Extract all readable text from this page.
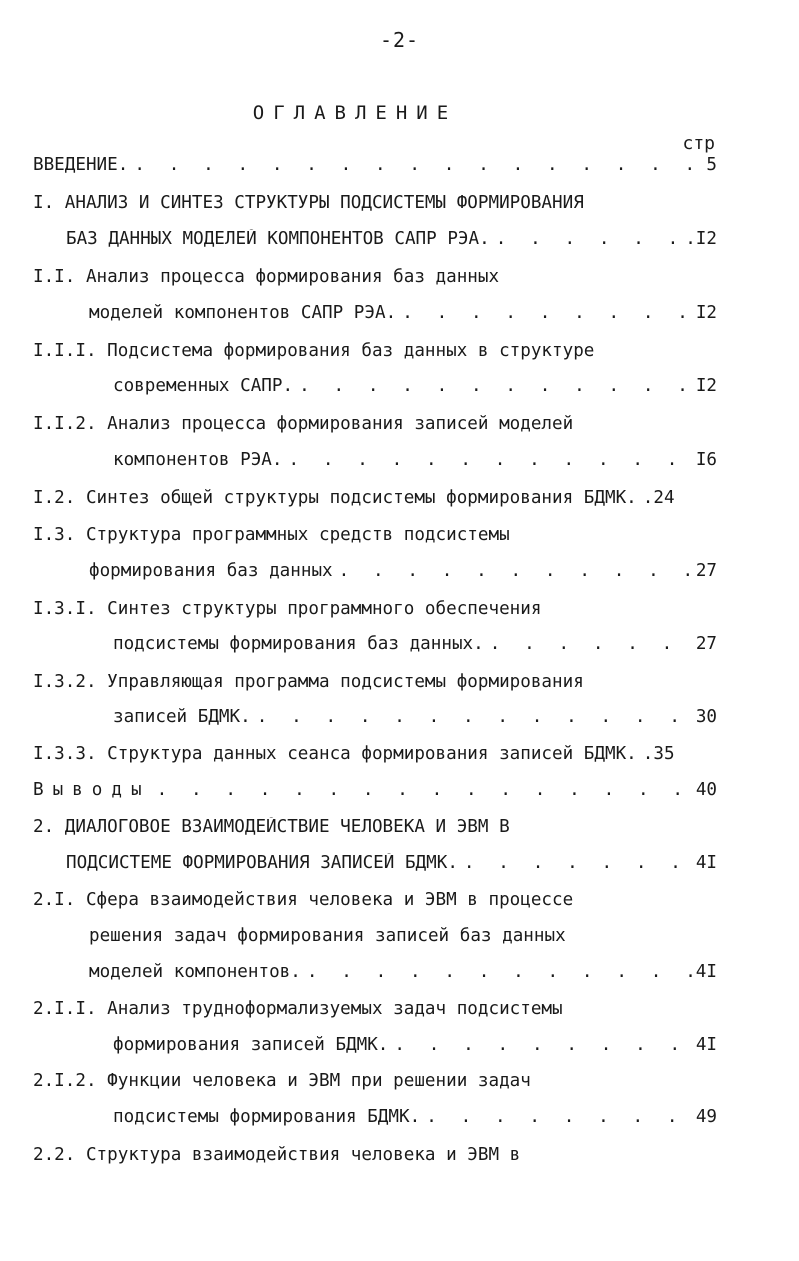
-2-
ОГЛАВЛЕНИЕ
стр
ВВЕДЕНИЕ. . . .	5
I. АНАЛИЗ И СИНТЕЗ СТРУКТУРЫ ПОДСИСТЕМЫ ФОРМИРОВАНИЯ
БАЗ ДАННЫХ МОДЕЛЕЙ КОМПОНЕНТОВ САПР РЭА. . . .	.I2
I.I. Анализ процесса формирования баз данных
моделей компонентов САПР РЭА. . . .	I2
I.I.I. Подсистема формирования баз данных в структуре
современных САПР. . . .	I2
I.I.2. Анализ процесса формирования записей моделей
компонентов РЭА. . . .	I6
I.2. Синтез общей структуры подсистемы формирования БДМК. .24
I.3. Структура программных средств подсистемы
формирования баз данных . . .	27
I.3.I. Синтез структуры программного обеспечения
подсистемы формирования баз данных. . . .	27
I.3.2. Управляющая программа подсистемы формирования
записей БДМК. . . .	30
I.3.3. Структура данных сеанса формирования записей БДМК. .35
Выводы . . .	40
2. ДИАЛОГОВОЕ ВЗАИМОДЕЙСТВИЕ ЧЕЛОВЕКА И ЭВМ В
ПОДСИСТЕМЕ ФОРМИРОВАНИЯ ЗАПИСЕЙ БДМК. . . .	4I
2.I. Сфера взаимодействия человека и ЭВМ в процессе
решения задач формирования записей баз данных
моделей компонентов. . . .	.4I
2.I.I. Анализ трудноформализуемых задач подсистемы
формирования записей БДМК. . . .	4I
2.I.2. Функции человека и ЭВМ при решении задач
подсистемы формирования БДМК. . . .	49
2.2. Структура взаимодействия человека и ЭВМ в
